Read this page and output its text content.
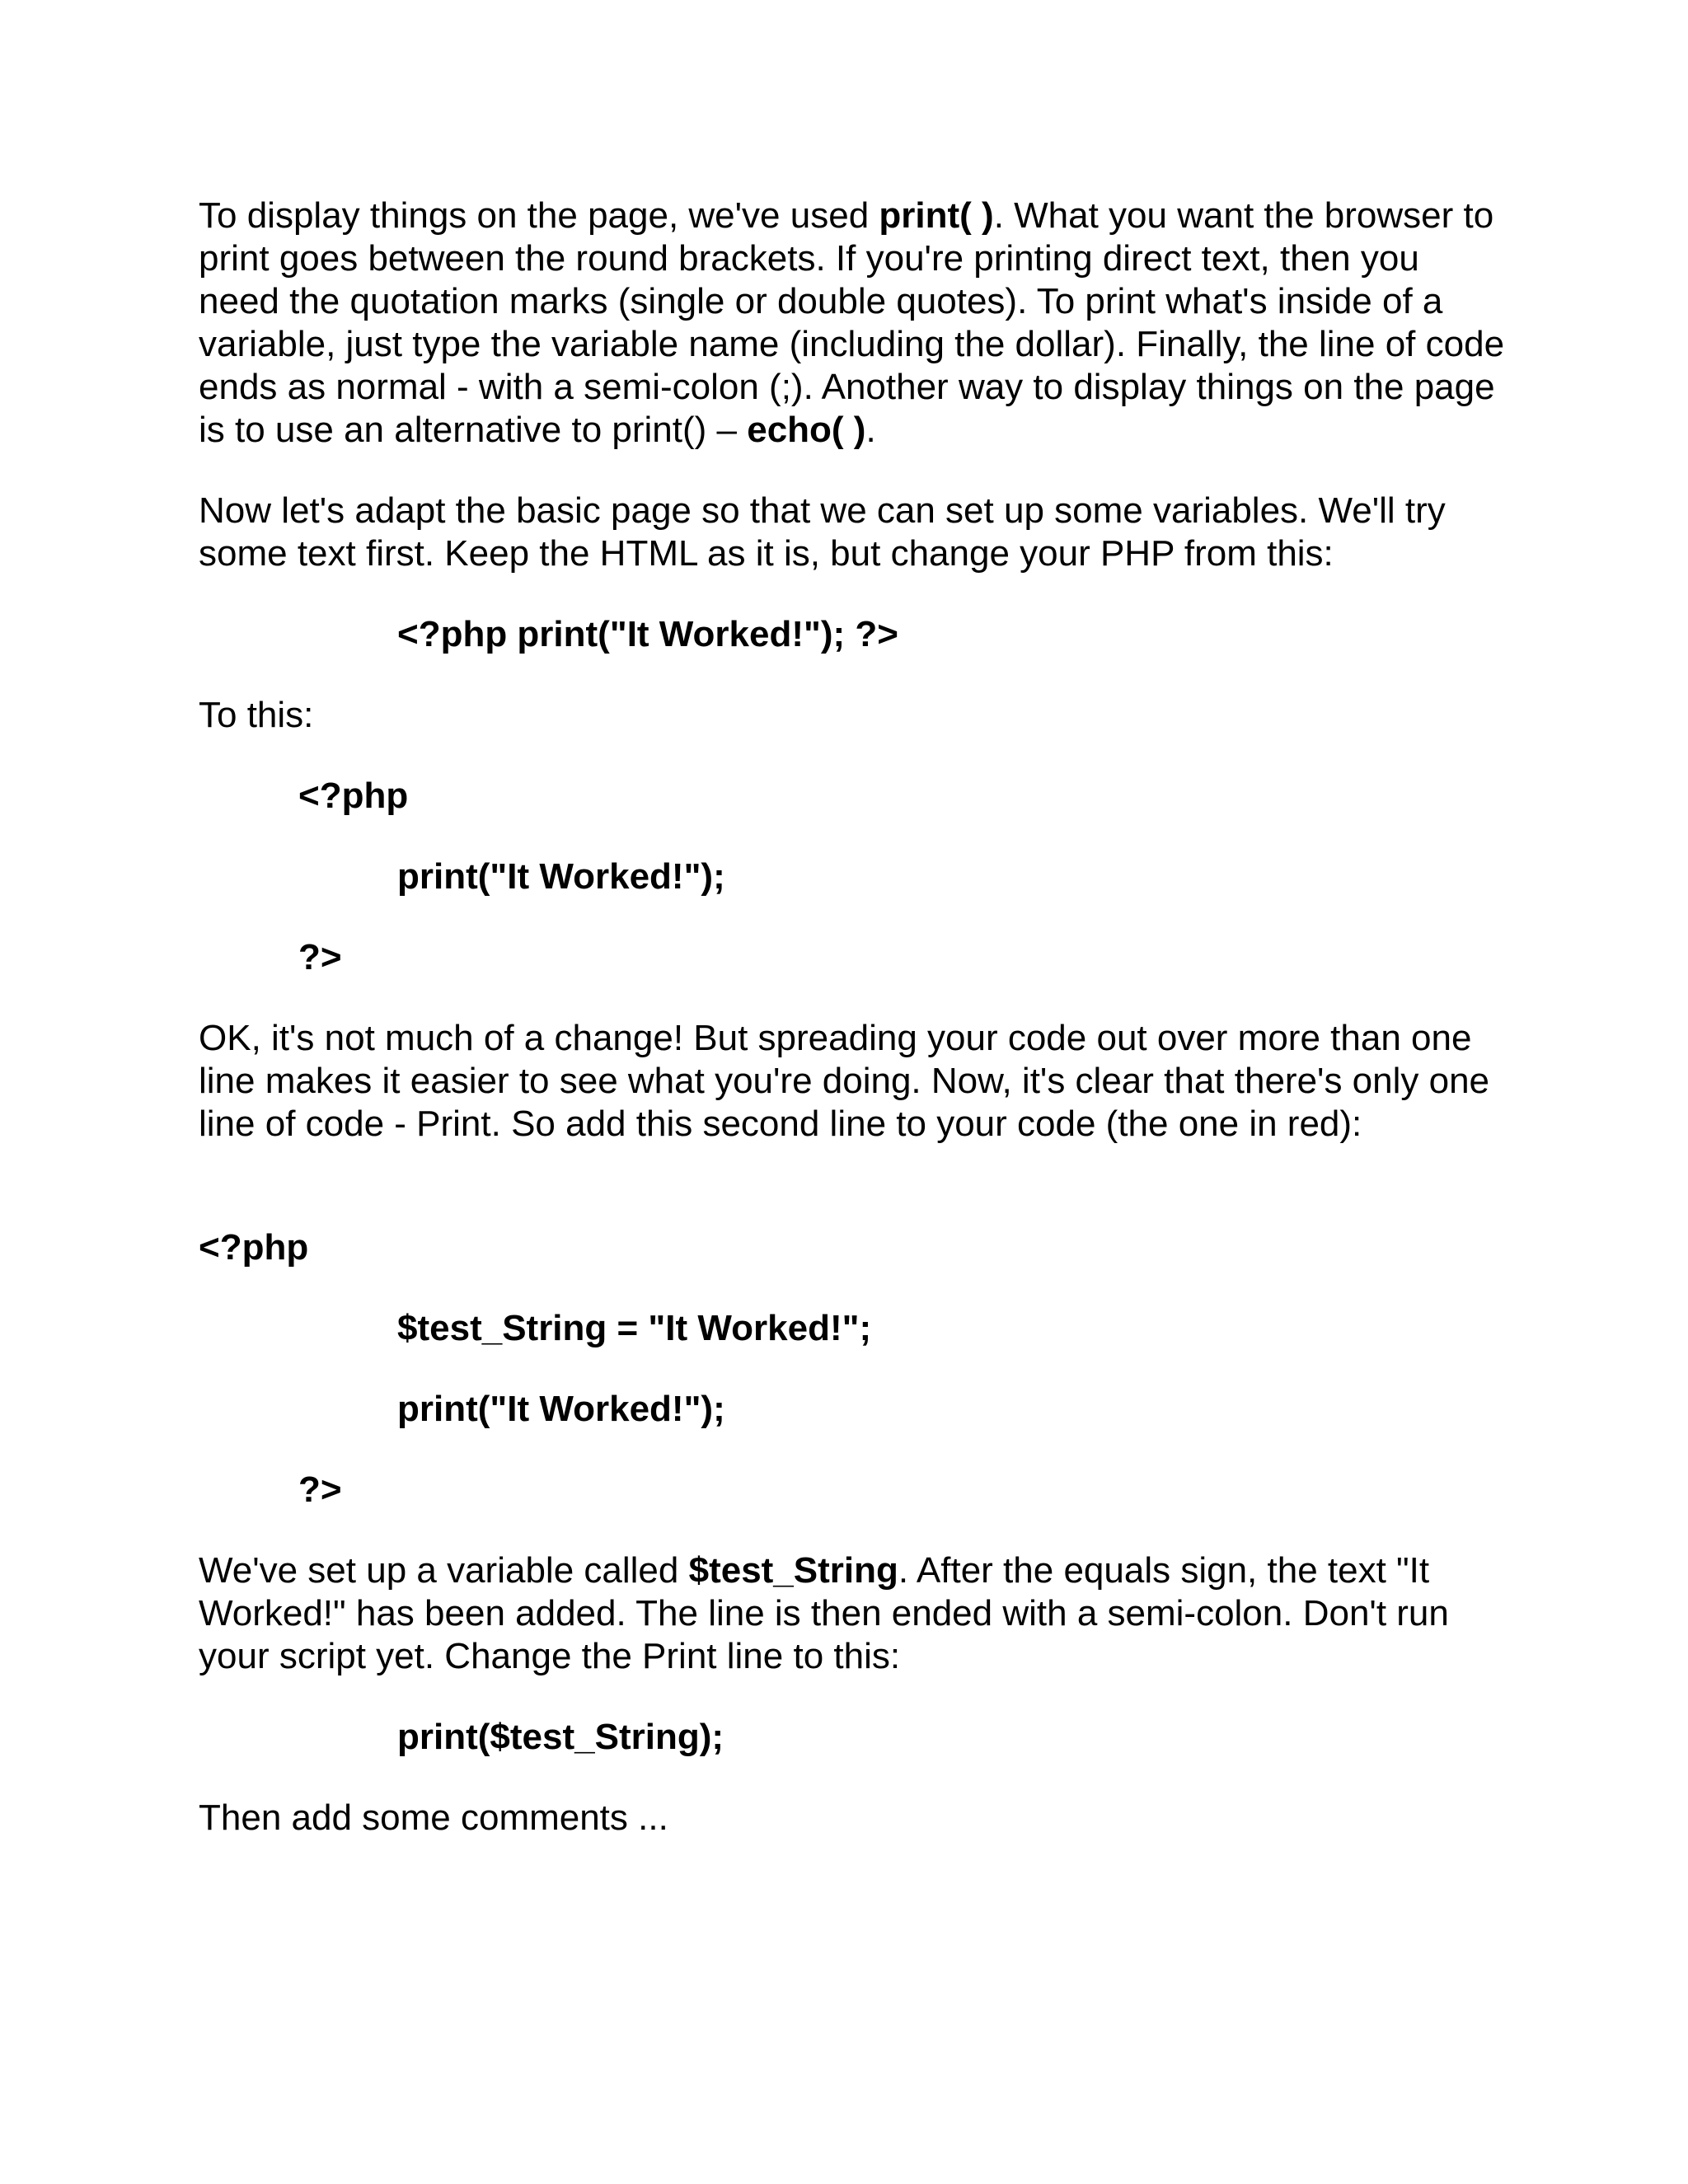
To display things on the page, we've used print( ). What you want the browser to print goes between the round brackets. If you're printing direct text, then you need the quotation marks (single or double quotes). To print what's inside of a variable, just type the variable name (including the dollar). Finally, the line of code ends as normal - with a semi-colon (;). Another way to display things on the page is to use an alternative to print() – echo( ).

Now let's adapt the basic page so that we can set up some variables. We'll try some text first. Keep the HTML as it is, but change your PHP from this:

<?php print("It Worked!"); ?>

To this:

<?php

print("It Worked!");

?>

OK, it's not much of a change! But spreading your code out over more than one line makes it easier to see what you're doing. Now, it's clear that there's only one line of code - Print. So add this second line to your code (the one in red):

<?php

$test_String = "It Worked!";

print("It Worked!");

?>

We've set up a variable called $test_String. After the equals sign, the text "It Worked!" has been added. The line is then ended with a semi-colon. Don't run your script yet. Change the Print line to this:

print($test_String);

Then add some comments ...
